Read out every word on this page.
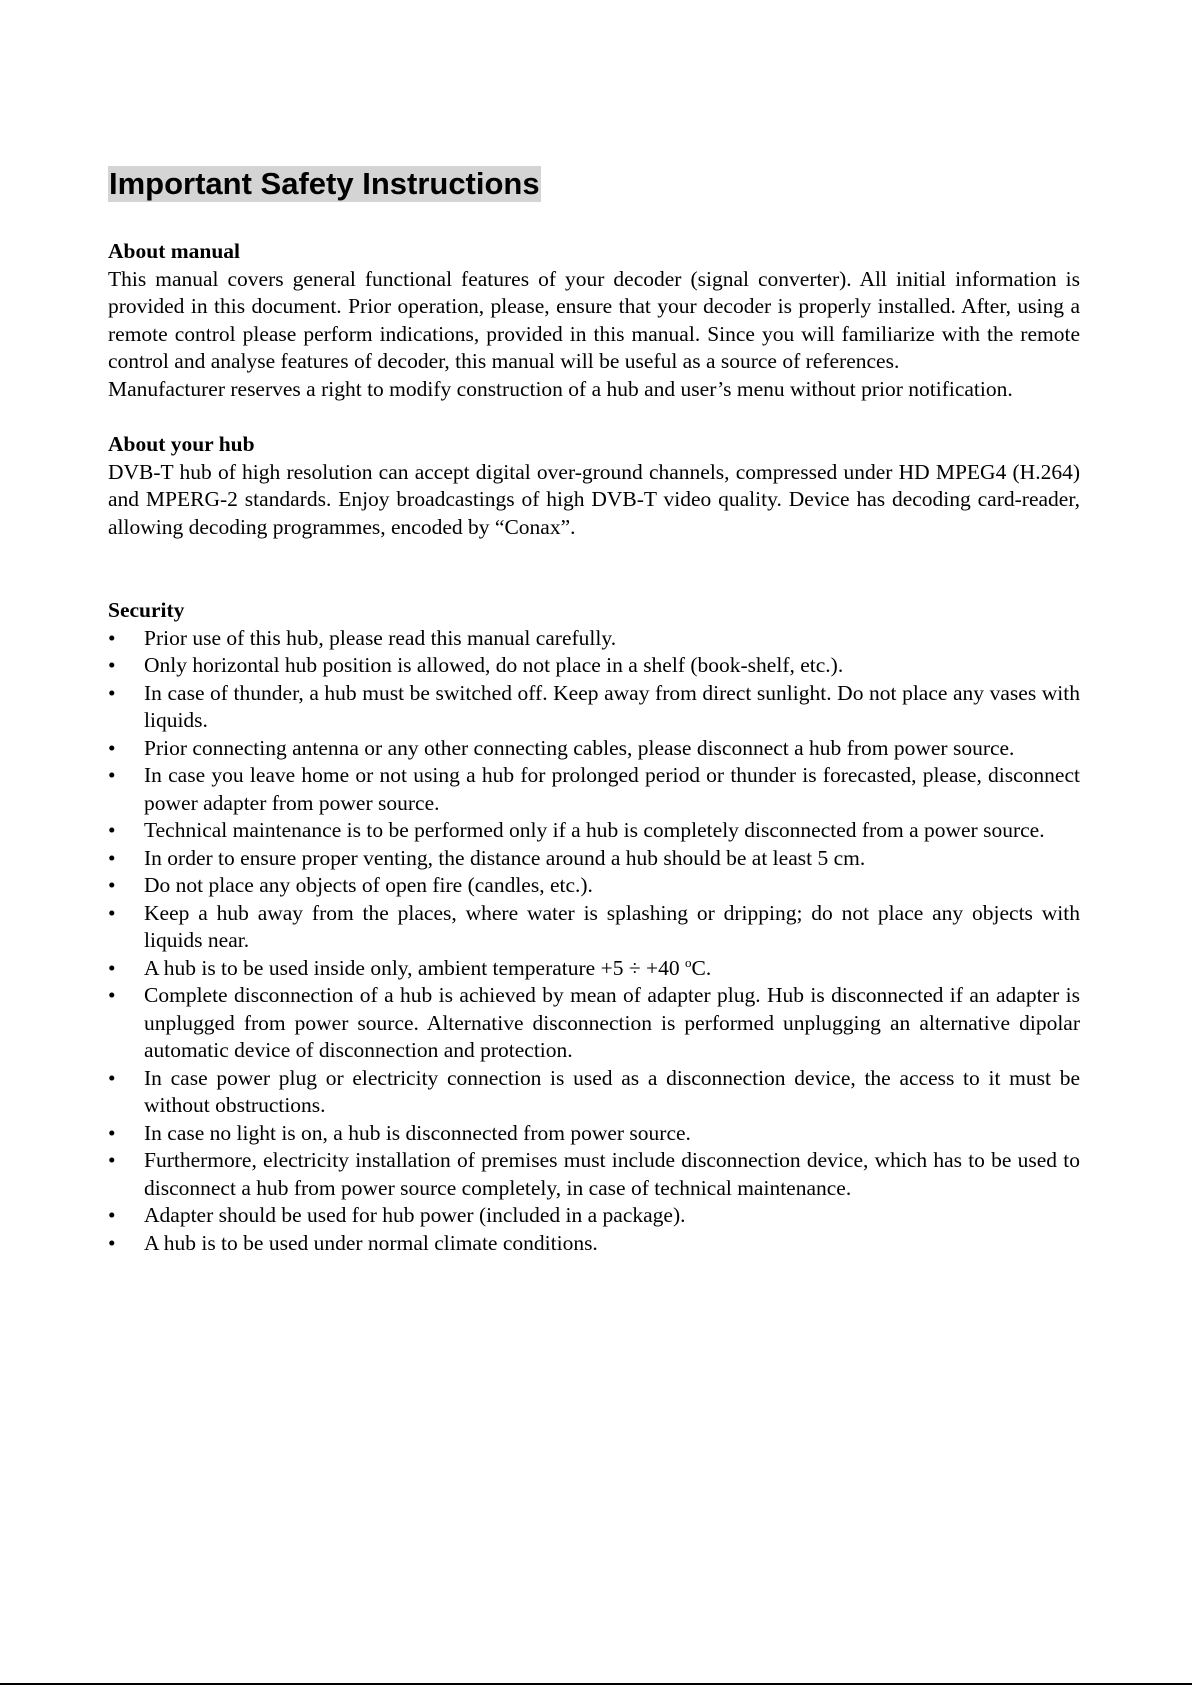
Important Safety Instructions
About manual

This manual covers general functional features of your decoder (signal converter). All initial information is provided in this document. Prior operation, please, ensure that your decoder is properly installed. After, using a remote control please perform indications, provided in this manual. Since you will familiarize with the remote control and analyse features of decoder, this manual will be useful as a source of references.

Manufacturer reserves a right to modify construction of a hub and user’s menu without prior notification.

About your hub

DVB-T hub of high resolution can accept digital over-ground channels, compressed under HD MPEG4 (H.264) and MPERG-2 standards. Enjoy broadcastings of high DVB-T video quality. Device has decoding card-reader, allowing decoding programmes, encoded by “Conax”.

Security
•	Prior use of this hub, please read this manual carefully.
•	Only horizontal hub position is allowed, do not place in a shelf (book-shelf, etc.).
•	In case of thunder, a hub must be switched off. Keep away from direct sunlight. Do not place any vases with liquids.
•	Prior connecting antenna or any other connecting cables, please disconnect a hub from power source.
•	In case you leave home or not using a hub for prolonged period or thunder is forecasted, please, disconnect power adapter from power source.
•	Technical maintenance is to be performed only if a hub is completely disconnected from a power source.
•	In order to ensure proper venting, the distance around a hub should be at least 5 cm.
•	Do not place any objects of open fire (candles, etc.).
•	Keep a hub away from the places, where water is splashing or dripping; do not place any objects with liquids near.
•	A hub is to be used inside only, ambient temperature +5 ÷ +40 $^o$C.
•	Complete disconnection of a hub is achieved by mean of adapter plug. Hub is disconnected if an adapter is unplugged from power source. Alternative disconnection is performed unplugging an alternative dipolar automatic device of disconnection and protection.
•	In case power plug or electricity connection is used as a disconnection device, the access to it must be without obstructions.
•	In case no light is on, a hub is disconnected from power source.
•	Furthermore, electricity installation of premises must include disconnection device, which has to be used to disconnect a hub from power source completely, in case of technical maintenance.
•	Adapter should be used for hub power (included in a package).
•	A hub is to be used under normal climate conditions.
